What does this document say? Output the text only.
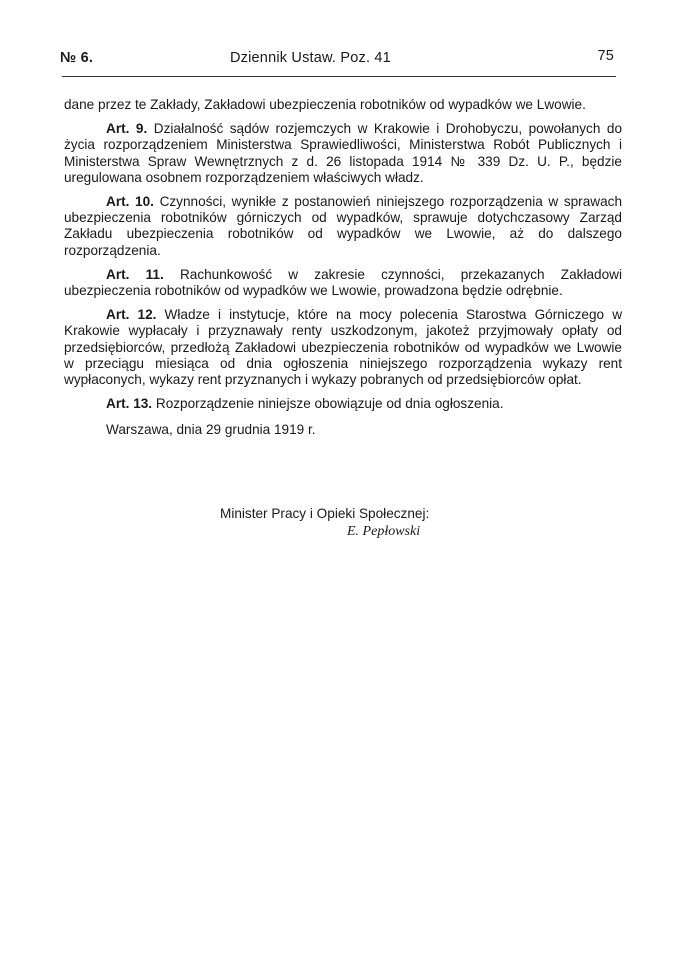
№ 6.	Dziennik Ustaw. Poz. 41	75

dane przez te Zakłady, Zakładowi ubezpieczenia robotników od wypadków we Lwowie.

Art. 9. Działalność sądów rozjemczych w Krakowie i Drohobyczu, powołanych do życia rozporządzeniem Ministerstwa Sprawiedliwości, Ministerstwa Robót Publicznych i Ministerstwa Spraw Wewnętrznych z d. 26 listopada 1914 № 339 Dz. U. P., będzie uregulowana osobnem rozporządzeniem właściwych władz.

Art. 10. Czynności, wynikłe z postanowień niniejszego rozporządzenia w sprawach ubezpieczenia robotników górniczych od wypadków, sprawuje dotychczasowy Zarząd Zakładu ubezpieczenia robotników od wypadków we Lwowie, aż do dalszego rozporządzenia.

Art. 11. Rachunkowość w zakresie czynności, przekazanych Zakładowi ubezpieczenia robotników od wypadków we Lwowie, prowadzona będzie odrębnie.

Art. 12. Władze i instytucje, które na mocy polecenia Starostwa Górniczego w Krakowie wypłacały i przyznawały renty uszkodzonym, jakoteż przyjmowały opłaty od przedsiębiorców, przedłożą Zakładowi ubezpieczenia robotników od wypadków we Lwowie w przeciągu miesiąca od dnia ogłoszenia niniejszego rozporządzenia wykazy rent wypłaconych, wykazy rent przyznanych i wykazy pobranych od przedsiębiorców opłat.

Art. 13. Rozporządzenie niniejsze obowiązuje od dnia ogłoszenia.

Warszawa, dnia 29 grudnia 1919 r.

Minister Pracy i Opieki Społecznej:
E. Pepłowski
